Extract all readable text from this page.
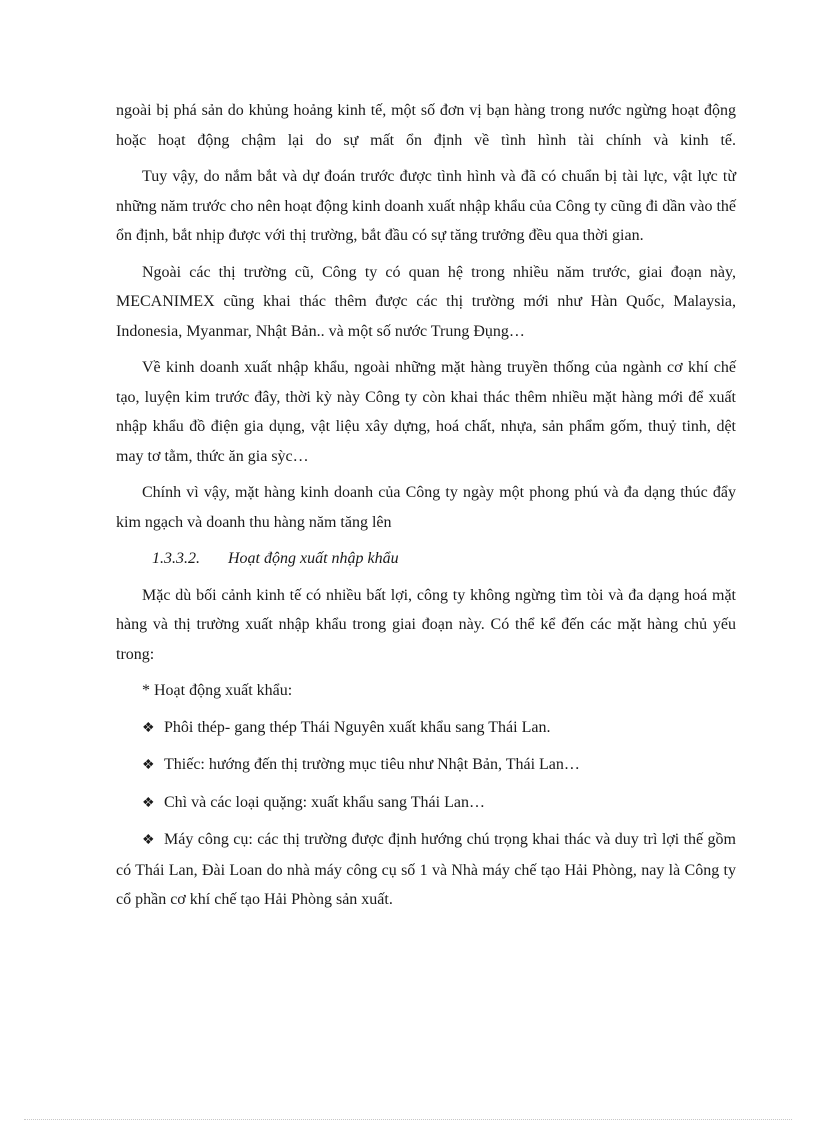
ngoài bị phá sản do khủng hoảng kinh tế, một số đơn vị bạn hàng trong nước ngừng hoạt động hoặc hoạt động chậm lại do sự mất ổn định về tình hình tài chính và kinh tế.

Tuy vậy, do nắm bắt và dự đoán trước được tình hình và đã có chuẩn bị tài lực, vật lực từ những năm trước cho nên hoạt động kinh doanh xuất nhập khẩu của Công ty cũng đi dần vào thế ổn định, bắt nhịp được với thị trường, bắt đầu có sự tăng trưởng đều qua thời gian.

Ngoài các thị trường cũ, Công ty có quan hệ trong nhiều năm trước, giai đoạn này, MECANIMEX cũng khai thác thêm được các thị trường mới như Hàn Quốc, Malaysia, Indonesia, Myanmar, Nhật Bản.. và một số nước Trung Đụng…

Về kinh doanh xuất nhập khẩu, ngoài những mặt hàng truyền thống của ngành cơ khí chế tạo, luyện kim trước đây, thời kỳ này Công ty còn khai thác thêm nhiều mặt hàng mới để xuất nhập khẩu đồ điện gia dụng, vật liệu xây dựng, hoá chất, nhựa, sản phẩm gốm, thuỷ tinh, dệt may tơ tằm, thức ăn gia sỳc…

Chính vì vậy, mặt hàng kinh doanh của Công ty ngày một phong phú và đa dạng thúc đẩy kim ngạch và doanh thu hàng năm tăng lên

1.3.3.2. Hoạt động xuất nhập khẩu

Mặc dù bối cảnh kinh tế có nhiều bất lợi, công ty không ngừng tìm tòi và đa dạng hoá mặt hàng và thị trường xuất nhập khẩu trong giai đoạn này. Có thể kể đến các mặt hàng chủ yếu trong:

* Hoạt động xuất khẩu:

❖ Phôi thép- gang thép Thái Nguyên xuất khẩu sang Thái Lan.

❖ Thiếc: hướng đến thị trường mục tiêu như Nhật Bản, Thái Lan…

❖ Chì và các loại quặng: xuất khẩu sang Thái Lan…

❖ Máy công cụ: các thị trường được định hướng chú trọng khai thác và duy trì lợi thế gồm có Thái Lan, Đài Loan do nhà máy công cụ số 1 và Nhà máy chế tạo Hải Phòng, nay là Công ty cổ phần cơ khí chế tạo Hải Phòng sản xuất.
